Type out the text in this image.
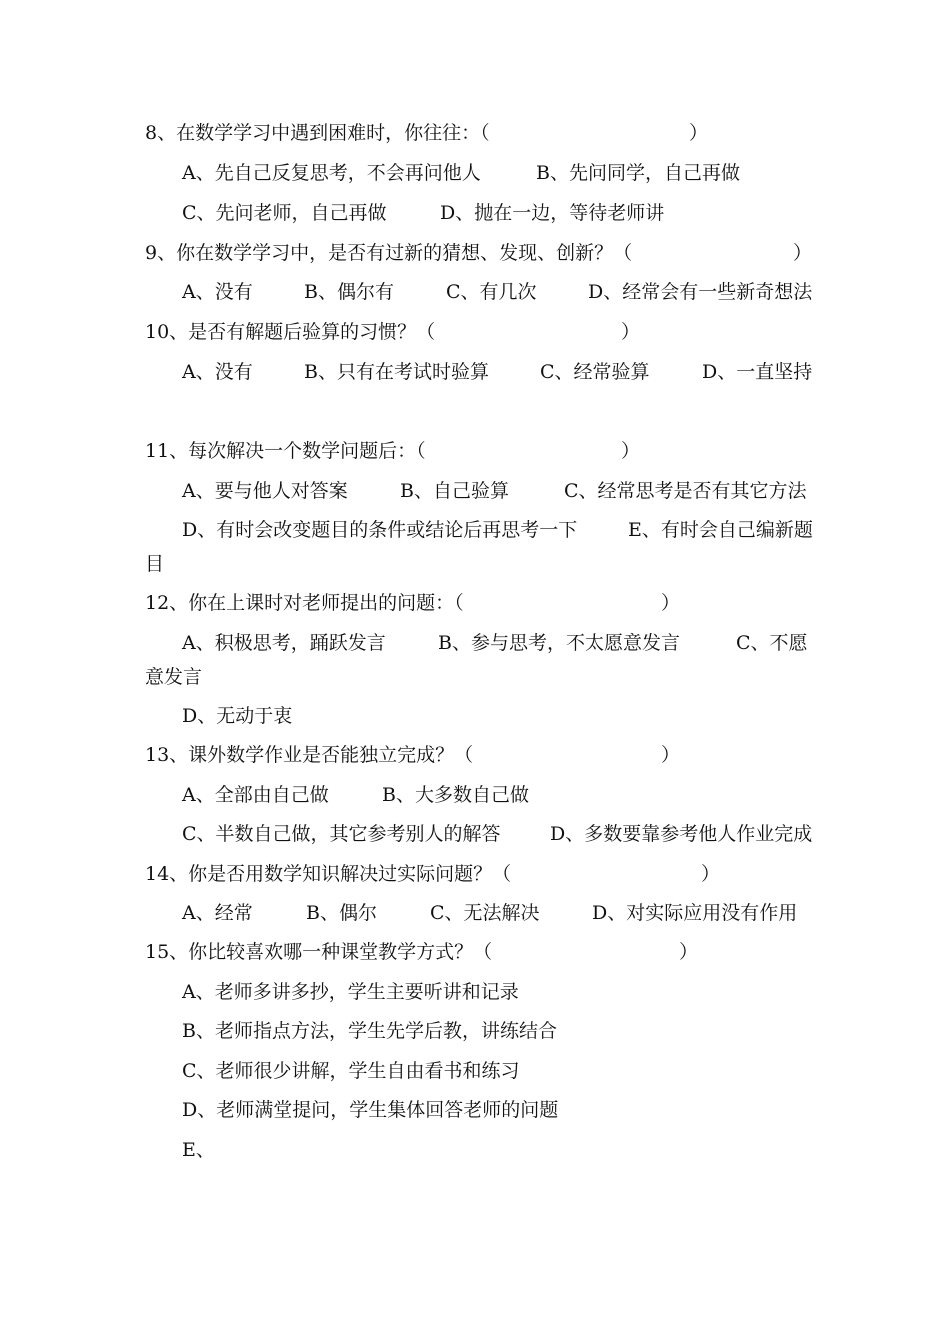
8、在数学学习中遇到困难时，你往往：（	）
A、先自己反复思考，不会再问他人	B、先问同学，自己再做
C、先问老师，自己再做	D、抛在一边，等待老师讲
9、你在数学学习中，是否有过新的猜想、发现、创新？（	）
A、没有	B、偶尔有	C、有几次	D、经常会有一些新奇想法
10、是否有解题后验算的习惯？（	）
A、没有	B、只有在考试时验算	C、经常验算	D、一直坚持
11、每次解决一个数学问题后：（	）
A、要与他人对答案	B、自己验算	C、经常思考是否有其它方法
D、有时会改变题目的条件或结论后再思考一下	E、有时会自己编新题
目
12、你在上课时对老师提出的问题：（	）
A、积极思考，踊跃发言	B、参与思考，不太愿意发言	C、不愿
意发言
D、无动于衷
13、课外数学作业是否能独立完成？（	）
A、全部由自己做	B、大多数自己做
C、半数自己做，其它参考别人的解答	D、多数要靠参考他人作业完成
14、你是否用数学知识解决过实际问题？（	）
A、经常	B、偶尔	C、无法解决	D、对实际应用没有作用
15、你比较喜欢哪一种课堂教学方式？（	）
A、老师多讲多抄，学生主要听讲和记录
B、老师指点方法，学生先学后教，讲练结合
C、老师很少讲解，学生自由看书和练习
D、老师满堂提问，学生集体回答老师的问题
E、
